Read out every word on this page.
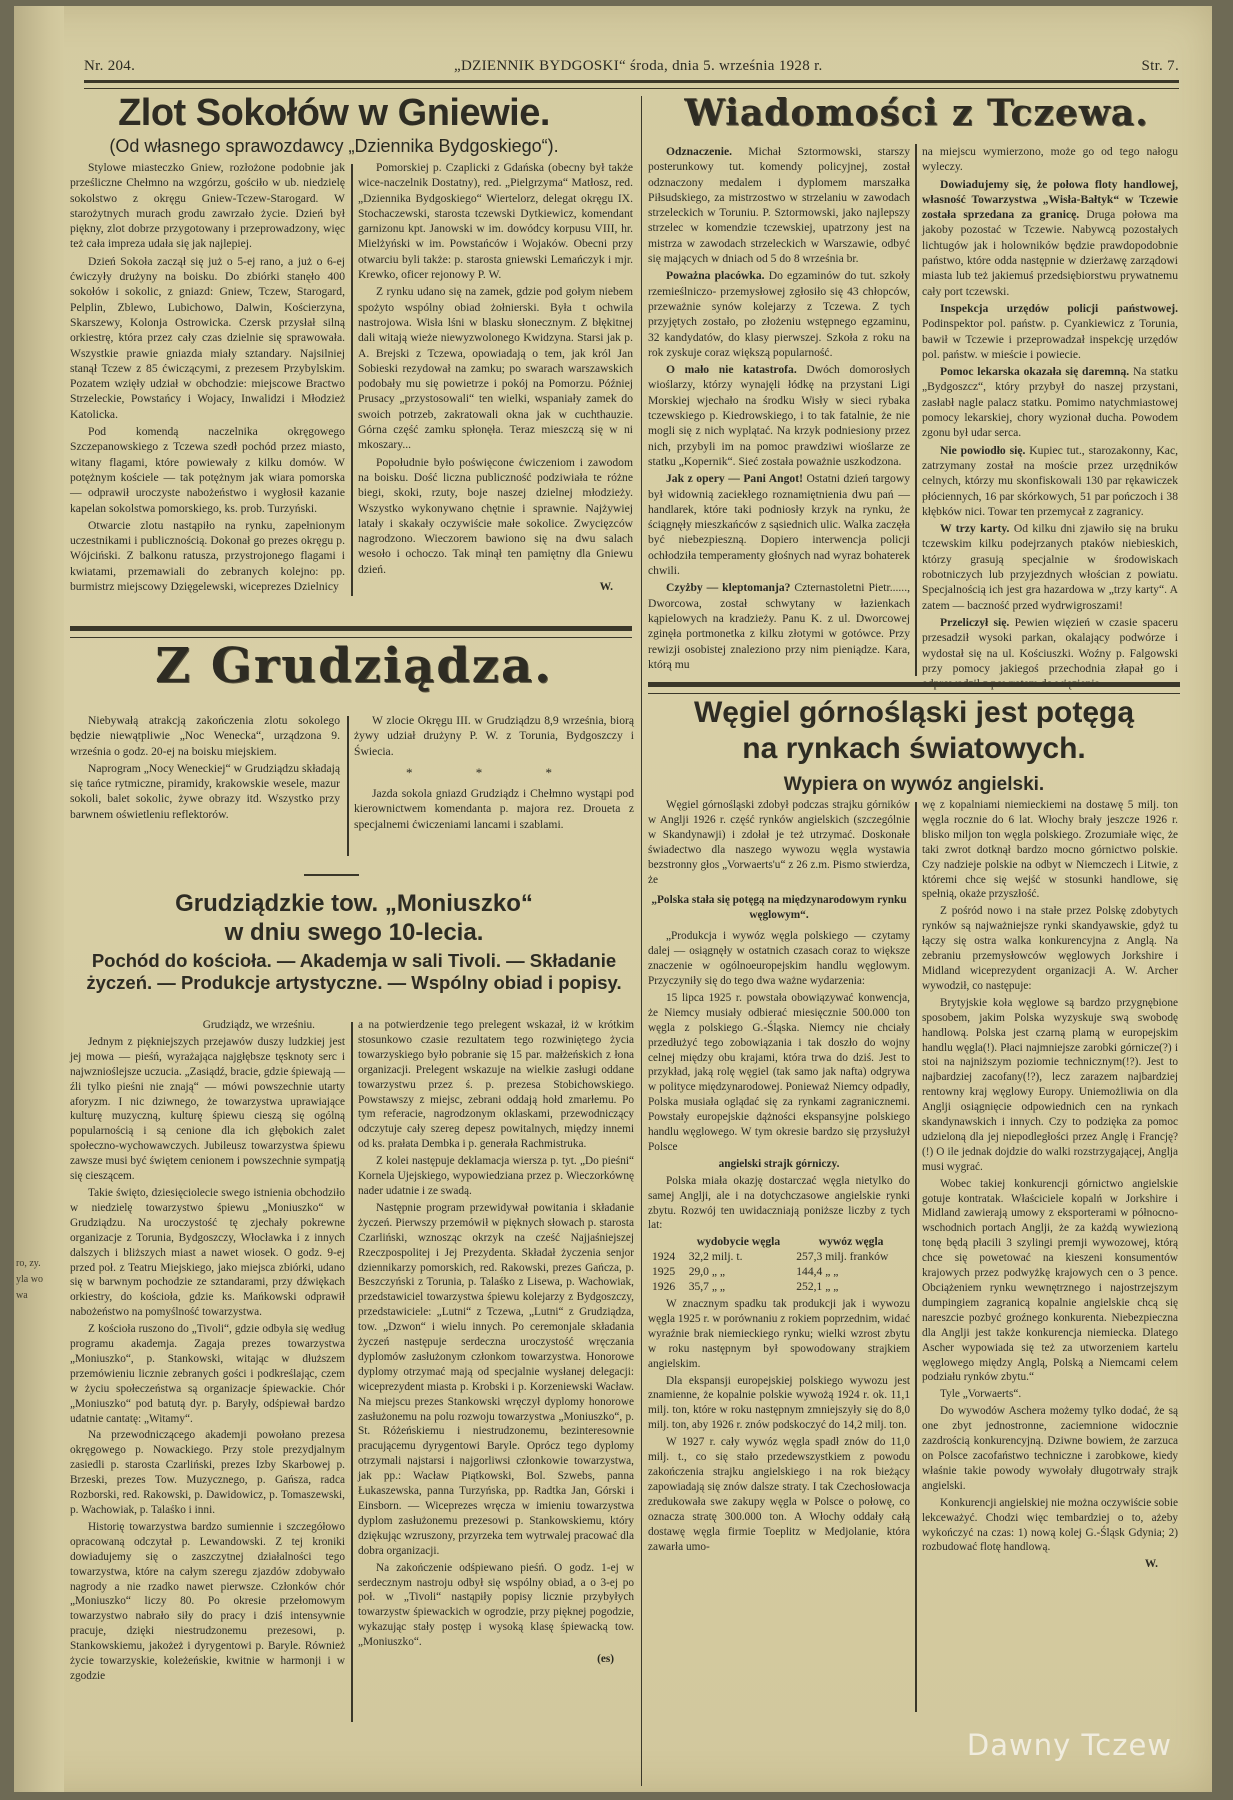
ro, zy. yla wo wa
Nr. 204.	„DZIENNIK BYDGOSKI“ środa, dnia 5. września 1928 r.	Str. 7.
Zlot Sokołów w Gniewie.
(Od własnego sprawozdawcy „Dziennika Bydgoskiego“).

Stylowe miasteczko Gniew, rozłożone podobnie jak prześliczne Chełmno na wzgórzu, gościło w ub. niedzielę sokolstwo z okręgu Gniew-Tczew-Starogard. W starożytnych murach grodu zawrzało życie. Dzień był piękny, zlot dobrze przygotowany i przeprowadzony, więc też cała impreza udała się jak najlepiej.

Dzień Sokoła zaczął się już o 5-ej rano, a już o 6-ej ćwiczyły drużyny na boisku. Do zbiórki stanęło 400 sokołów i sokolic, z gniazd: Gniew, Tczew, Starogard, Pelplin, Zblewo, Lubichowo, Dalwin, Kościerzyna, Skarszewy, Kolonja Ostrowicka. Czersk przysłał silną orkiestrę, która przez cały czas dzielnie się sprawowała. Wszystkie prawie gniazda miały sztandary. Najsilniej stanął Tczew z 85 ćwiczącymi, z prezesem Przybylskim. Pozatem wzięły udział w obchodzie: miejscowe Bractwo Strzeleckie, Powstańcy i Wojacy, Inwalidzi i Młodzież Katolicka.

Pod komendą naczelnika okręgowego Szczepanowskiego z Tczewa szedł pochód przez miasto, witany flagami, które powiewały z kilku domów. W potężnym kościele — tak potężnym jak wiara pomorska — odprawił uroczyste nabożeństwo i wygłosił kazanie kapelan sokolstwa pomorskiego, ks. prob. Turzyński.

Otwarcie zlotu nastąpiło na rynku, zapełnionym uczestnikami i publicznością. Dokonał go prezes okręgu p. Wójciński. Z balkonu ratusza, przystrojonego flagami i kwiatami, przemawiali do zebranych kolejno: pp. burmistrz miejscowy Dzięgelewski, wiceprezes Dzielnicy

Pomorskiej p. Czaplicki z Gdańska (obecny był także wice-naczelnik Dostatny), red. „Pielgrzyma“ Matłosz, red. „Dziennika Bydgoskiego“ Wiertelorz, delegat okręgu IX. Stochaczewski, starosta tczewski Dytkiewicz, komendant garnizonu kpt. Janowski w im. dowódcy korpusu VIII, hr. Mielżyński w im. Powstańców i Wojaków. Obecni przy otwarciu byli także: p. starosta gniewski Lemańczyk i mjr. Krewko, oficer rejonowy P. W.

Z rynku udano się na zamek, gdzie pod gołym niebem spożyto wspólny obiad żołnierski. Była t ochwila nastrojowa. Wisła lśni w blasku słonecznym. Z błękitnej dali witają wieże niewyzwolonego Kwidzyna. Starsi jak p. A. Brejski z Tczewa, opowiadają o tem, jak król Jan Sobieski rezydował na zamku; po swarach warszawskich podobały mu się powietrze i pokój na Pomorzu. Później Prusacy „przystosowali“ ten wielki, wspaniały zamek do swoich potrzeb, zakratowali okna jak w cuchthauzie. Górna część zamku spłonęła. Teraz mieszczą się w ni mkoszary...

Popołudnie było poświęcone ćwiczeniom i zawodom na boisku. Dość liczna publiczność podziwiała te różne biegi, skoki, rzuty, boje naszej dzielnej młodzieży. Wszystko wykonywano chętnie i sprawnie. Najżywiej latały i skakały oczywiście małe sokolice. Zwycięzców nagrodzono. Wieczorem bawiono się na dwu salach wesoło i ochoczo. Tak minął ten pamiętny dla Gniewu dzień.

W.

Wiadomości z Tczewa.

Odznaczenie. Michał Sztormowski, starszy posterunkowy tut. komendy policyjnej, został odznaczony medalem i dyplomem marszałka Piłsudskiego, za mistrzostwo w strzelaniu w zawodach strzeleckich w Toruniu. P. Sztormowski, jako najlepszy strzelec w komendzie tczewskiej, upatrzony jest na mistrza w zawodach strzeleckich w Warszawie, odbyć się mających w dniach od 5 do 8 września br.

Poważna placówka. Do egzaminów do tut. szkoły rzemieślniczo- przemysłowej zgłosiło się 43 chłopców, przeważnie synów kolejarzy z Tczewa. Z tych przyjętych zostało, po złożeniu wstępnego egzaminu, 32 kandydatów, do klasy pierwszej. Szkoła z roku na rok zyskuje coraz większą popularność.

O mało nie katastrofa. Dwóch domorosłych wioślarzy, którzy wynajęli łódkę na przystani Ligi Morskiej wjechało na środku Wisły w sieci rybaka tczewskiego p. Kiedrowskiego, i to tak fatalnie, że nie mogli się z nich wyplątać. Na krzyk podniesiony przez nich, przybyli im na pomoc prawdziwi wioślarze ze statku „Kopernik“. Sieć została poważnie uszkodzona.

Jak z opery — Pani Angot! Ostatni dzień targowy był widownią zaciekłego roznamiętnienia dwu pań — handlarek, które taki podniosły krzyk na rynku, że ściągnęły mieszkańców z sąsiednich ulic. Walka zaczęła być niebezpieszną. Dopiero interwencja policji ochłodziła temperamenty głośnych nad wyraz bohaterek chwili.

Czyżby — kleptomanja? Czternastoletni Pietr......, Dworcowa, został schwytany w łazienkach kąpielowych na kradzieży. Panu K. z ul. Dworcowej zginęła portmonetka z kilku złotymi w gotówce. Przy rewizji osobistej znaleziono przy nim pieniądze. Kara, którą mu

na miejscu wymierzono, może go od tego nałogu wyleczy.

Dowiadujemy się, że połowa floty handlowej, własność Towarzystwa „Wisła-Bałtyk“ w Tczewie została sprzedana za granicę. Druga połowa ma jakoby pozostać w Tczewie. Nabywcą pozostałych lichtugów jak i holowników będzie prawdopodobnie państwo, które odda następnie w dzierżawę zarządowi miasta lub też jakiemuś przedsiębiorstwu prywatnemu cały port tczewski.

Inspekcja urzędów policji państwowej. Podinspektor pol. państw. p. Cyankiewicz z Torunia, bawił w Tczewie i przeprowadzał inspekcję urzędów pol. państw. w mieście i powiecie.

Pomoc lekarska okazała się daremną. Na statku „Bydgoszcz“, który przybył do naszej przystani, zasłabł nagle palacz statku. Pomimo natychmiastowej pomocy lekarskiej, chory wyzionał ducha. Powodem zgonu był udar serca.

Nie powiodło się. Kupiec tut., starozakonny, Kac, zatrzymany został na moście przez urzędników celnych, którzy mu skonfiskowali 130 par rękawiczek płóciennych, 16 par skórkowych, 51 par pończoch i 38 kłębków nici. Towar ten przemycał z zagranicy.

W trzy karty. Od kilku dni zjawiło się na bruku tczewskim kilku podejrzanych ptaków niebieskich, którzy grasują specjalnie w środowiskach robotniczych lub przyjezdnych włościan z powiatu. Specjalnością ich jest gra hazardowa w „trzy karty“. A zatem — baczność przed wydrwigroszami!

Przeliczył się. Pewien więzień w czasie spaceru przesadził wysoki parkan, okalający podwórze i wydostał się na ul. Kościuszki. Woźny p. Falgowski przy pomocy jakiegoś przechodnia złapał go i odprowadził z powrotem do więzienia.

Z Grudziądza.

Niebywałą atrakcją zakończenia zlotu sokolego będzie niewątpliwie „Noc Wenecka“, urządzona 9. września o godz. 20-ej na boisku miejskiem.

Naprogram „Nocy Weneckiej“ w Grudziądzu składają się tańce rytmiczne, piramidy, krakowskie wesele, mazur sokoli, balet sokolic, żywe obrazy itd. Wszystko przy barwnem oświetleniu reflektorów.

W zlocie Okręgu III. w Grudziądzu 8,9 września, biorą żywy udział drużyny P. W. z Torunia, Bydgoszczy i Świecia.

* * *

Jazda sokola gniazd Grudziądz i Chełmno wystąpi pod kierownictwem komendanta p. majora rez. Droueta z specjalnemi ćwiczeniami lancami i szablami.

Grudziądzkie tow. „Moniuszko“
w dniu swego 10-lecia.
Pochód do kościoła. — Akademja w sali Tivoli. — Składanie życzeń. — Produkcje artystyczne. — Wspólny obiad i popisy.

Grudziądz, we wrześniu.

Jednym z piękniejszych przejawów duszy ludzkiej jest jej mowa — pieśń, wyrażająca najgłębsze tęsknoty serc i najwznioślejsze uczucia. „Zasiądź, bracie, gdzie śpiewają — źli tylko pieśni nie znają“ — mówi powszechnie utarty aforyzm. I nic dziwnego, że towarzystwa uprawiające kulturę muzyczną, kulturę śpiewu cieszą się ogólną popularnością i są cenione dla ich głębokich zalet społeczno-wychowawczych. Jubileusz towarzystwa śpiewu zawsze musi być świętem cenionem i powszechnie sympatją się cieszącem.

Takie święto, dziesięciolecie swego istnienia obchodziło w niedzielę towarzystwo śpiewu „Moniuszko“ w Grudziądzu. Na uroczystość tę zjechały pokrewne organizacje z Torunia, Bydgoszczy, Włocławka i z innych dalszych i bliższych miast a nawet wiosek. O godz. 9-ej przed poł. z Teatru Miejskiego, jako miejsca zbiórki, udano się w barwnym pochodzie ze sztandarami, przy dźwiękach orkiestry, do kościoła, gdzie ks. Mańkowski odprawił nabożeństwo na pomyślność towarzystwa.

Z kościoła ruszono do „Tivoli“, gdzie odbyła się według programu akademja. Zagaja prezes towarzystwa „Moniuszko“, p. Stankowski, witając w dłuższem przemówieniu licznie zebranych gości i podkreślając, czem w życiu społeczeństwa są organizacje śpiewackie. Chór „Moniuszko“ pod batutą dyr. p. Baryły, odśpiewał bardzo udatnie cantatę: „Witamy“.

Na przewodniczącego akademji powołano prezesa okręgowego p. Nowackiego. Przy stole prezydjalnym zasiedli p. starosta Czarliński, prezes Izby Skarbowej p. Brzeski, prezes Tow. Muzycznego, p. Gańsza, radca Rozborski, red. Rakowski, p. Dawidowicz, p. Tomaszewski, p. Wachowiak, p. Talaśko i inni.

Historię towarzystwa bardzo sumiennie i szczegółowo opracowaną odczytał p. Lewandowski. Z tej kroniki dowiadujemy się o zaszczytnej działalności tego towarzystwa, które na całym szeregu zjazdów zdobywało nagrody a nie rzadko nawet pierwsze. Członków chór „Moniuszko“ liczy 80. Po okresie przełomowym towarzystwo nabrało siły do pracy i dziś intensywnie pracuje, dzięki niestrudzonemu prezesowi, p. Stankowskiemu, jakożeż i dyrygentowi p. Baryle. Również życie towarzyskie, koleżeńskie, kwitnie w harmonji i w zgodzie

a na potwierdzenie tego prelegent wskazał, iż w krótkim stosunkowo czasie rezultatem tego rozwiniętego życia towarzyskiego było pobranie się 15 par. małżeńskich z łona organizacji. Prelegent wskazuje na wielkie zasługi oddane towarzystwu przez ś. p. prezesa Stobichowskiego. Powstawszy z miejsc, zebrani oddają hołd zmarłemu. Po tym referacie, nagrodzonym oklaskami, przewodniczący odczytuje cały szereg depesz powitalnych, między innemi od ks. prałata Dembka i p. generała Rachmistruka.

Z kolei następuje deklamacja wiersza p. tyt. „Do pieśni“ Kornela Ujejskiego, wypowiedziana przez p. Wieczorkównę nader udatnie i ze swadą.

Następnie program przewidywał powitania i składanie życzeń. Pierwszy przemówił w pięknych słowach p. starosta Czarliński, wznosząc okrzyk na cześć Najjaśniejszej Rzeczpospolitej i Jej Prezydenta. Składał życzenia senjor dziennikarzy pomorskich, red. Rakowski, prezes Gańcza, p. Beszczyński z Torunia, p. Talaśko z Lisewa, p. Wachowiak, przedstawiciel towarzystwa śpiewu kolejarzy z Bydgoszczy, przedstawiciele: „Lutni“ z Tczewa, „Lutni“ z Grudziądza, tow. „Dzwon“ i wielu innych. Po ceremonjale składania życzeń następuje serdeczna uroczystość wręczania dyplomów zasłużonym członkom towarzystwa. Honorowe dyplomy otrzymać mają od specjalnie wysłanej delegacji: wiceprezydent miasta p. Krobski i p. Korzeniewski Wacław. Na miejscu prezes Stankowski wręczył dyplomy honorowe zasłużonemu na polu rozwoju towarzystwa „Moniuszko“, p. St. Różeńskiemu i niestrudzonemu, bezinteresownie pracującemu dyrygentowi Baryle. Oprócz tego dyplomy otrzymali najstarsi i najgorliwsi członkowie towarzystwa, jak pp.: Wacław Piątkowski, Bol. Szwebs, panna Łukaszewska, panna Turzyńska, pp. Radtka Jan, Górski i Einsborn. — Wiceprezes wręcza w imieniu towarzystwa dyplom zasłużonemu prezesowi p. Stankowskiemu, który dziękując wzruszony, przyrzeka tem wytrwalej pracować dla dobra organizacji.

Na zakończenie odśpiewano pieśń. O godz. 1-ej w serdecznym nastroju odbył się wspólny obiad, a o 3-ej po poł. w „Tivoli“ nastąpiły popisy licznie przybyłych towarzystw śpiewackich w ogrodzie, przy pięknej pogodzie, wykazując stały postęp i wysoką klasę śpiewacką tow. „Moniuszko“.

(es)

Węgiel górnośląski jest potęgą
na rynkach światowych.
Wypiera on wywóz angielski.

Węgiel górnośląski zdobył podczas strajku górników w Anglji 1926 r. część rynków angielskich (szczególnie w Skandynawji) i zdołał je też utrzymać. Doskonałe świadectwo dla naszego wywozu węgla wystawia bezstronny głos „Vorwaerts'u“ z 26 z.m. Pismo stwierdza, że

„Polska stała się potęgą na międzynarodowym rynku węglowym“.

„Produkcja i wywóz węgla polskiego — czytamy dalej — osiągnęły w ostatnich czasach coraz to większe znaczenie w ogólnoeuropejskim handlu węglowym. Przyczyniły się do tego dwa ważne wydarzenia:

15 lipca 1925 r. powstała obowiązywać konwencja, że Niemcy musiały odbierać miesięcznie 500.000 ton węgla z polskiego G.-Śląska. Niemcy nie chciały przedłużyć tego zobowiązania i tak doszło do wojny celnej między obu krajami, która trwa do dziś. Jest to przykład, jaką rolę węgiel (tak samo jak nafta) odgrywa w polityce międzynarodowej. Ponieważ Niemcy odpadły, Polska musiała oglądać się za rynkami zagranicznemi. Powstały europejskie dążności ekspansyjne polskiego handlu węglowego. W tym okresie bardzo się przysłużył Polsce

angielski strajk górniczy.

Polska miała okazję dostarczać węgla nietylko do samej Anglji, ale i na dotychczasowe angielskie rynki zbytu. Rozwój ten uwidaczniają poniższe liczby z tych lat:

	wydobycie węgla	wywóz węgla
1924	32,2 milj. t.	257,3 milj. franków
1925	29,0 „ „	144,4 „ „
1926	35,7 „ „	252,1 „ „

W znacznym spadku tak produkcji jak i wywozu węgla 1925 r. w porównaniu z rokiem poprzednim, widać wyraźnie brak niemieckiego rynku; wielki wzrost zbytu w roku następnym był spowodowany strajkiem angielskim.

Dla ekspansji europejskiej polskiego wywozu jest znamienne, że kopalnie polskie wywożą 1924 r. ok. 11,1 milj. ton, które w roku następnym zmniejszyły się do 8,0 milj. ton, aby 1926 r. znów podskoczyć do 14,2 milj. ton.

W 1927 r. cały wywóz węgla spadł znów do 11,0 milj. t., co się stało przedewszystkiem z powodu zakończenia strajku angielskiego i na rok bieżący zapowiadają się znów dalsze straty. I tak Czechosłowacja zredukowała swe zakupy węgla w Polsce o połowę, co oznacza stratę 300.000 ton. A Włochy oddały całą dostawę węgla firmie Toeplitz w Medjolanie, która zawarła umo-

wę z kopalniami niemieckiemi na dostawę 5 milj. ton węgla rocznie do 6 lat. Włochy brały jeszcze 1926 r. blisko miljon ton węgla polskiego. Zrozumiałe więc, że taki zwrot dotknął bardzo mocno górnictwo polskie. Czy nadzieje polskie na odbyt w Niemczech i Litwie, z któremi chce się wejść w stosunki handlowe, się spełnią, okaże przyszłość.

Z pośród nowo i na stałe przez Polskę zdobytych rynków są najważniejsze rynki skandyawskie, gdyż tu łączy się ostra walka konkurencyjna z Anglą. Na zebraniu przemysłowców węglowych Jorkshire i Midland wiceprezydent organizacji A. W. Archer wywodził, co następuje:

Brytyjskie koła węglowe są bardzo przygnębione sposobem, jakim Polska wyzyskuje swą swobodę handlową. Polska jest czarną plamą w europejskim handlu węgla(!). Płaci najmniejsze zarobki górnicze(?) i stoi na najniższym poziomie technicznym(!?). Jest to najbardziej zacofany(!?), lecz zarazem najbardziej rentowny kraj węglowy Europy. Uniemożliwia on dla Anglji osiągnięcie odpowiednich cen na rynkach skandynawskich i innych. Czy to podzięka za pomoc udzieloną dla jej niepodległości przez Anglę i Francję?(!) O ile jednak dojdzie do walki rozstrzygającej, Anglja musi wygrać.

Wobec takiej konkurencji górnictwo angielskie gotuje kontratak. Właściciele kopalń w Jorkshire i Midland zawierają umowy z eksporterami w północno-wschodnich portach Anglji, że za każdą wywiezioną tonę będą płacili 3 szylingi premji wywozowej, którą chce się powetować na kieszeni konsumentów krajowych przez podwyżkę krajowych cen o 3 pence. Obciążeniem rynku wewnętrznego i najostrzejszym dumpingiem zagranicą kopalnie angielskie chcą się nareszcie pozbyć groźnego konkurenta. Niebezpieczna dla Anglji jest także konkurencja niemiecka. Dlatego Ascher wypowiada się też za utworzeniem kartelu węglowego między Anglą, Polską a Niemcami celem podziału rynków zbytu.“

Tyle „Vorwaerts“.

Do wywodów Aschera możemy tylko dodać, że są one zbyt jednostronne, zaciemnione widocznie zazdrością konkurencyjną. Dziwne bowiem, że zarzuca on Polsce zacofaństwo techniczne i zarobkowe, kiedy właśnie takie powody wywołały długotrwały strajk angielski.

Konkurencji angielskiej nie można oczywiście sobie lekceważyć. Chodzi więc tembardziej o to, ażeby wykończyć na czas: 1) nową kolej G.-Śląsk Gdynia; 2) rozbudować flotę handlową.

W.

Dawny Tczew
